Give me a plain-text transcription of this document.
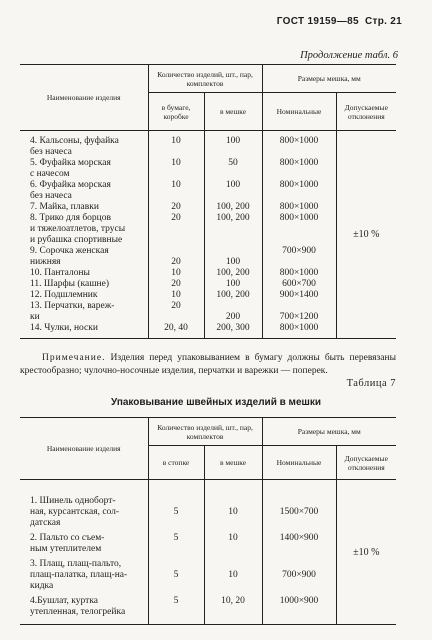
ГОСТ 19159—85 Стр. 21
Продолжение табл. 6
Наименование изделия	Количество изделий, шт., пар, комплектов		Размеры мешка, мм	
	в бумаге, коробке	в мешке	Номинальные	Допускаемые отклонения

4. Кальсоны, фуфайка
без начеса	10	100	800×1000	±10 %

5. Фуфайка морская
с начесом	10	50	800×1000	

6. Фуфайка морская
без начеса	10	100	800×1000	

7. Майка, плавки	20	100, 200	800×1000	

8. Трико для борцов
и тяжелоатлетов, трусы
и рубашка спортивные	20	100, 200	800×1000	

9. Сорочка женская
нижняя	20	100	700×900	

10. Панталоны	10	100, 200	800×1000	

11. Шарфы (кашне)	20	100	600×700	

12. Подшлемник	10	100, 200	900×1400	

13. Перчатки, вареж-
ки	20	200	700×1200	

14. Чулки, носки	20, 40	200, 300	800×1000	

Примечание. Изделия перед упаковыванием в бумагу должны быть перевязаны крестообразно; чулочно-носочные изделия, перчатки и варежки — поперек.
Таблица 7
Упаковывание швейных изделий в мешки
Наименование изделия	Количество изделий, шт., пар, комплектов		Размеры мешка, мм	
	в стопке	в мешке	Номинальные	Допускаемые отклонения

1. Шинель одноборт-
ная, курсантская, сол-
датская	5	10	1500×700	±10 %

2. Пальто со съем-
ным утеплителем	5	10	1400×900	

3. Плащ, плащ-пальто,
плащ-палатка, плащ-на-
кидка	5	10	700×900	

4.Бушлат, куртка
утепленная, телогрейка	5	10, 20	1000×900	
